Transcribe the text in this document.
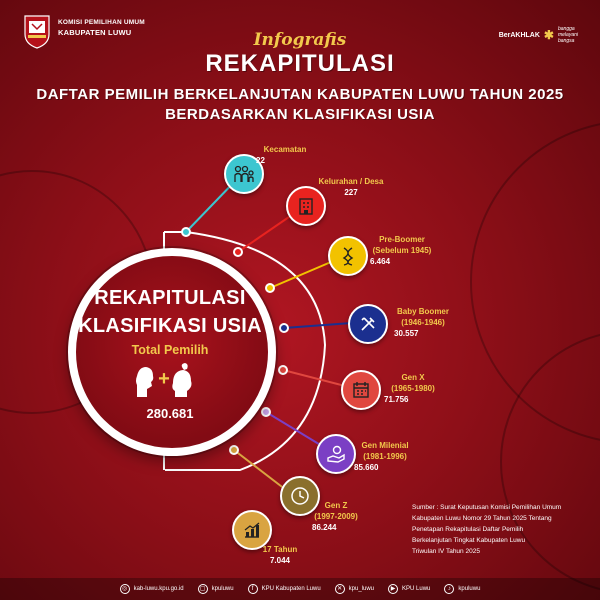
KOMISI PEMILIHAN UMUM
KABUPATEN LUWU	BerAKHLAK ✱ bangga
melayani
bangsa
Infografis
REKAPITULASI
DAFTAR PEMILIH BERKELANJUTAN KABUPATEN LUWU TAHUN 2025
BERDASARKAN KLASIFIKASI USIA
Kecamatan
22
Kelurahan / Desa
227
Pre-Boomer
(Sebelum 1945)
6.464
Baby Boomer
(1946-1946)
30.557
Gen X
(1965-1980)
71.756
Gen Milenial
(1981-1996)
85.660
Gen Z
(1997-2009)
86.244
17 Tahun
7.044
REKAPITULASI
KLASIFIKASI USIA
Total Pemilih
+
280.681
Sumber : Surat Keputusan Komisi Pemilihan Umum
Kabupaten Luwu Nomor 29 Tahun 2025 Tentang
Penetapan Rekapitulasi Daftar Pemilih
Berkelanjutan Tingkat Kabupaten Luwu
Triwulan IV Tahun 2025
◎	kab-luwu.kpu.go.id	▢	kpuluwu	f	KPU Kabupaten Luwu	✕	kpu_luwu	▶	KPU Luwu	♪	kpuluwu
